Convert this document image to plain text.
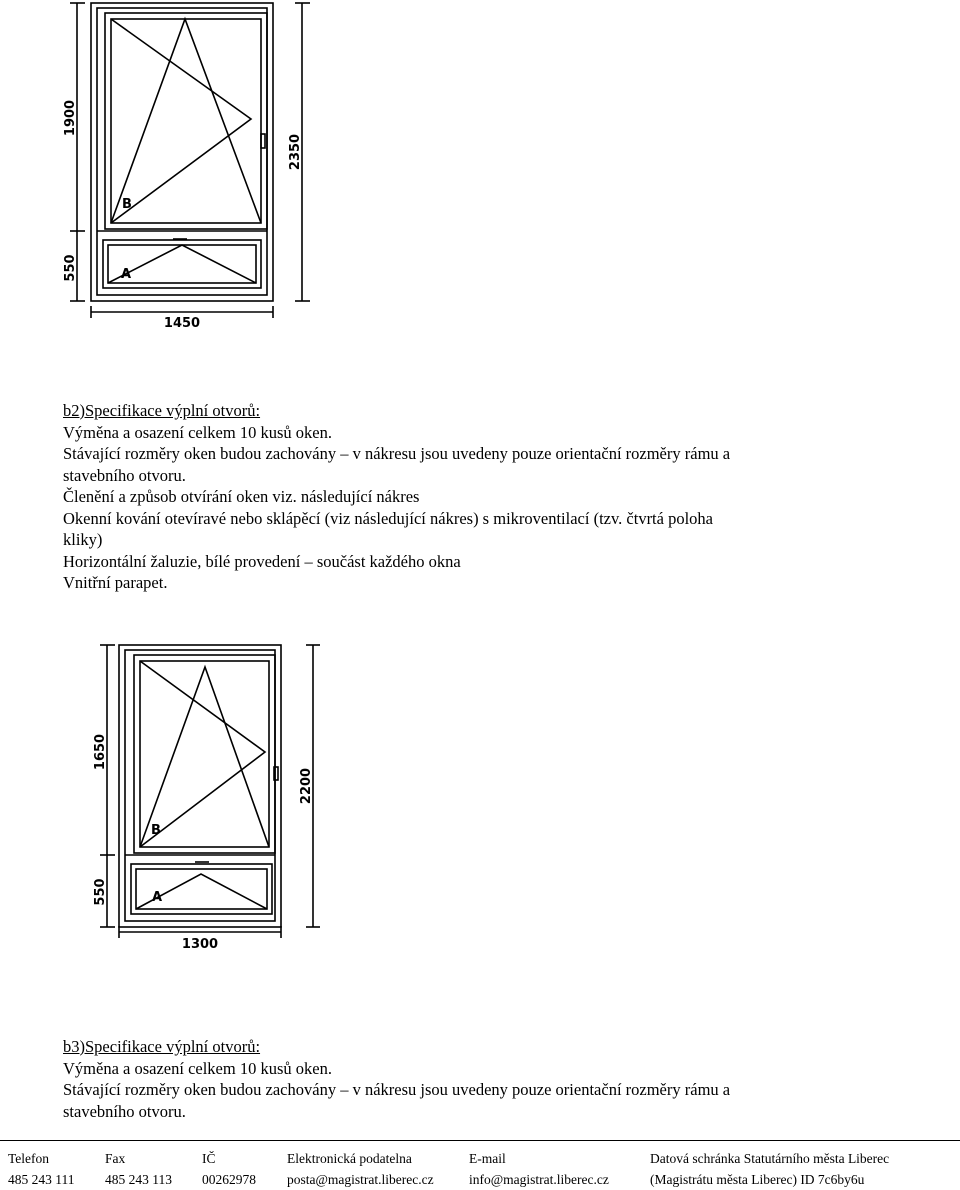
1900
550
2350
1450
B
A

b2)Specifikace výplní otvorů:

Výměna a osazení celkem 10 kusů oken.

Stávající rozměry oken budou zachovány – v nákresu jsou uvedeny pouze orientační rozměry rámu a

stavebního otvoru.

Členění a způsob otvírání oken viz. následující nákres

Okenní kování otevíravé nebo sklápěcí (viz následující nákres) s mikroventilací (tzv. čtvrtá poloha

kliky)

Horizontální žaluzie, bílé provedení – součást každého okna

Vnitřní parapet.

1650
550
2200
1300
B
A

b3)Specifikace výplní otvorů:

Výměna a osazení celkem 10 kusů oken.

Stávající rozměry oken budou zachovány – v nákresu jsou uvedeny pouze orientační rozměry rámu a

stavebního otvoru.

Telefon
485 243 111
Fax
485 243 113
IČ
00262978
Elektronická podatelna
posta@magistrat.liberec.cz
E-mail
info@magistrat.liberec.cz
Datová schránka Statutárního města Liberec
(Magistrátu města Liberec) ID 7c6by6u
